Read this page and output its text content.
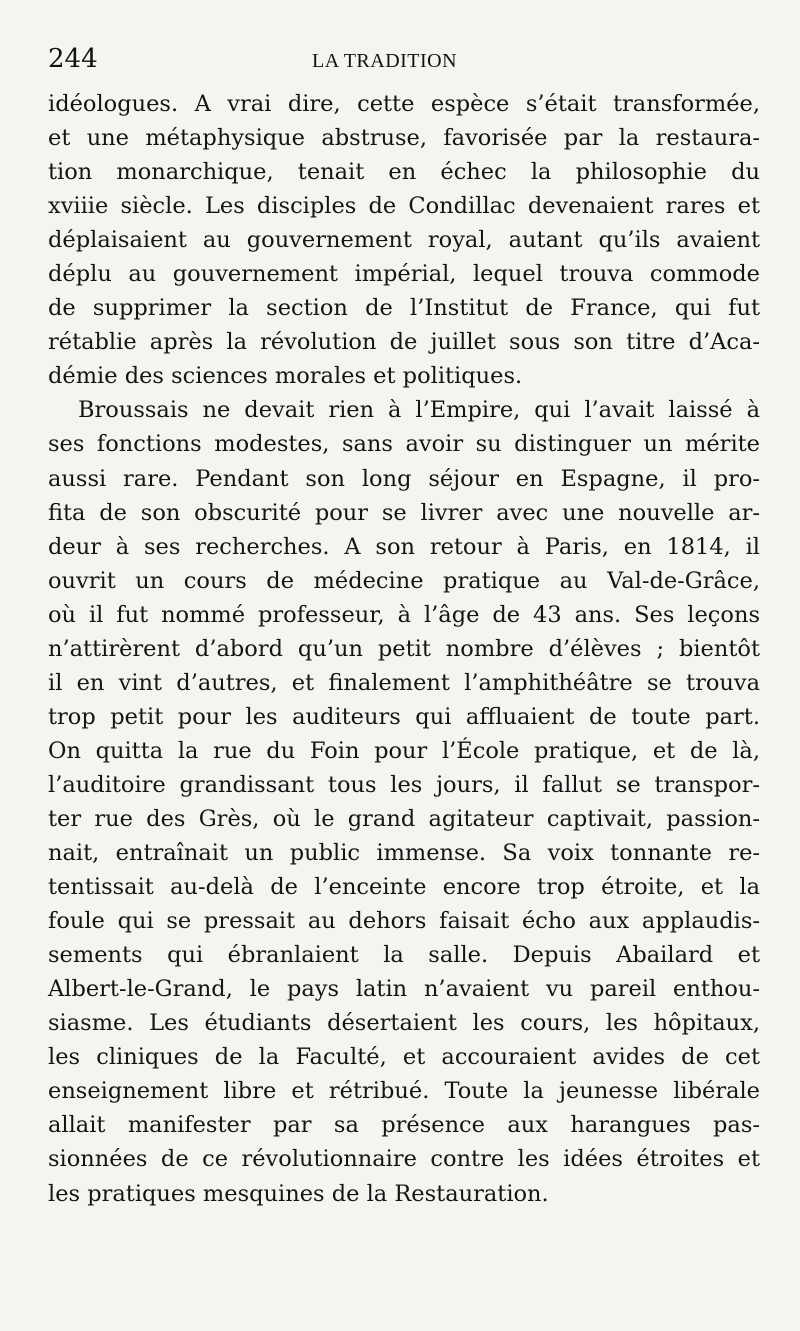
244	LA TRADITION
idéologues. A vrai dire, cette espèce s’était transformée,
et une métaphysique abstruse, favorisée par la restaura-
tion monarchique, tenait en échec la philosophie du
xviiie siècle. Les disciples de Condillac devenaient rares et
déplaisaient au gouvernement royal, autant qu’ils avaient
déplu au gouvernement impérial, lequel trouva commode
de supprimer la section de l’Institut de France, qui fut
rétablie après la révolution de juillet sous son titre d’Aca-
démie des sciences morales et politiques.
Broussais ne devait rien à l’Empire, qui l’avait laissé à
ses fonctions modestes, sans avoir su distinguer un mérite
aussi rare. Pendant son long séjour en Espagne, il pro-
fita de son obscurité pour se livrer avec une nouvelle ar-
deur à ses recherches. A son retour à Paris, en 1814, il
ouvrit un cours de médecine pratique au Val-de-Grâce,
où il fut nommé professeur, à l’âge de 43 ans. Ses leçons
n’attirèrent d’abord qu’un petit nombre d’élèves ; bientôt
il en vint d’autres, et finalement l’amphithéâtre se trouva
trop petit pour les auditeurs qui affluaient de toute part.
On quitta la rue du Foin pour l’École pratique, et de là,
l’auditoire grandissant tous les jours, il fallut se transpor-
ter rue des Grès, où le grand agitateur captivait, passion-
nait, entraînait un public immense. Sa voix tonnante re-
tentissait au-delà de l’enceinte encore trop étroite, et la
foule qui se pressait au dehors faisait écho aux applaudis-
sements qui ébranlaient la salle. Depuis Abailard et
Albert-le-Grand, le pays latin n’avaient vu pareil enthou-
siasme. Les étudiants désertaient les cours, les hôpitaux,
les cliniques de la Faculté, et accouraient avides de cet
enseignement libre et rétribué. Toute la jeunesse libérale
allait manifester par sa présence aux harangues pas-
sionnées de ce révolutionnaire contre les idées étroites et
les pratiques mesquines de la Restauration.
